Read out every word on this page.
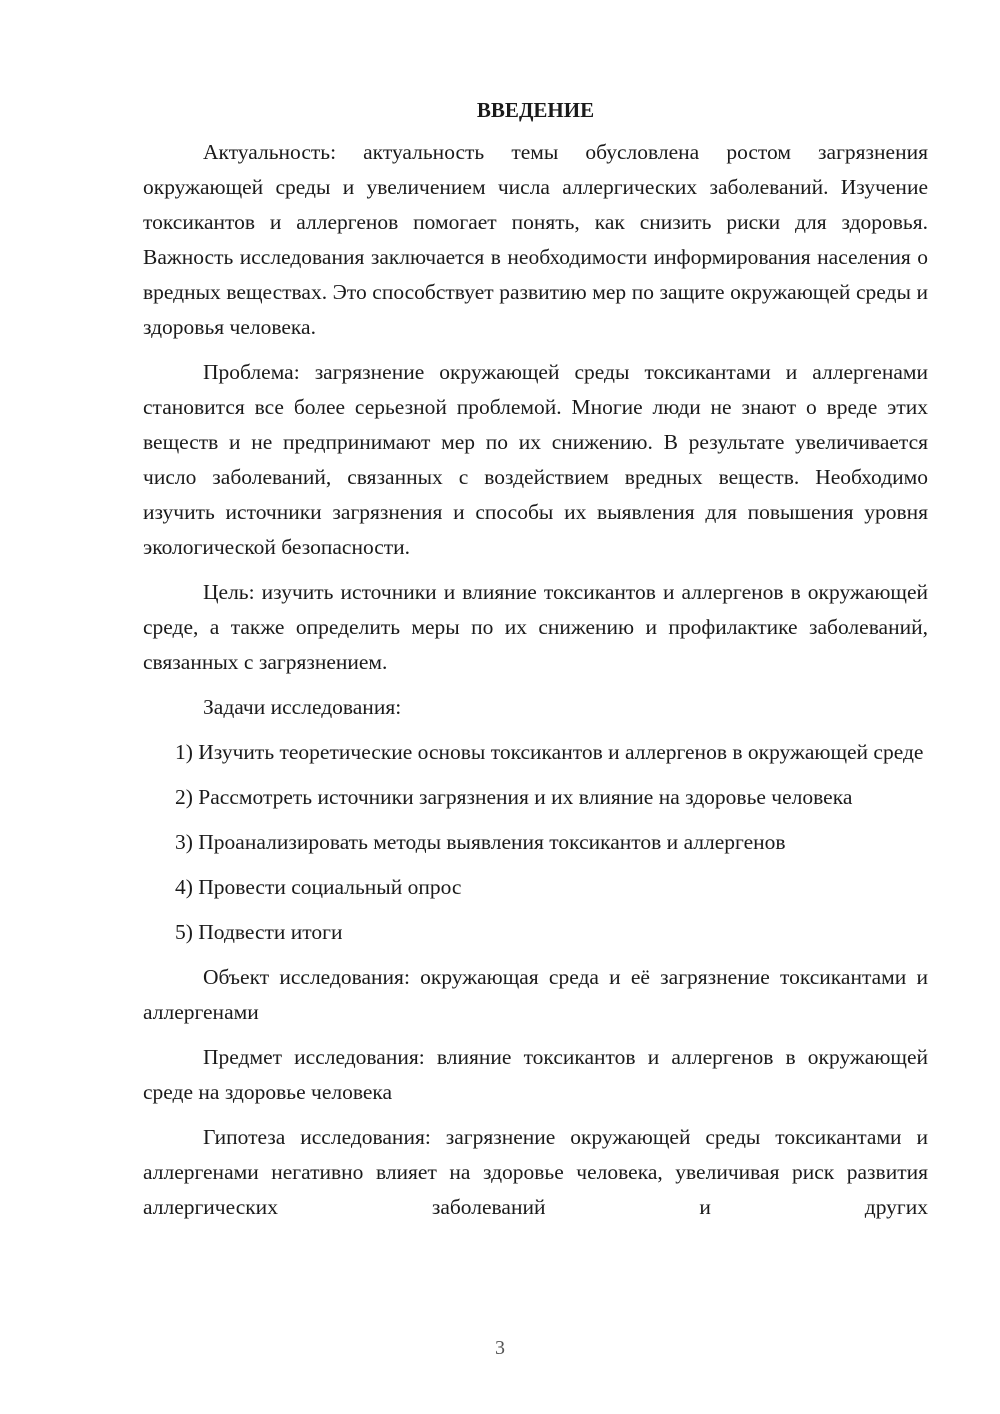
ВВЕДЕНИЕ

Актуальность: актуальность темы обусловлена ростом загрязнения окружающей среды и увеличением числа аллергических заболеваний. Изучение токсикантов и аллергенов помогает понять, как снизить риски для здоровья. Важность исследования заключается в необходимости информирования населения о вредных веществах. Это способствует развитию мер по защите окружающей среды и здоровья человека.

Проблема: загрязнение окружающей среды токсикантами и аллергенами становится все более серьезной проблемой. Многие люди не знают о вреде этих веществ и не предпринимают мер по их снижению. В результате увеличивается число заболеваний, связанных с воздействием вредных веществ. Необходимо изучить источники загрязнения и способы их выявления для повышения уровня экологической безопасности.

Цель: изучить источники и влияние токсикантов и аллергенов в окружающей среде, а также определить меры по их снижению и профилактике заболеваний, связанных с загрязнением.

Задачи исследования:

1) Изучить теоретические основы токсикантов и аллергенов в окружающей среде

2) Рассмотреть источники загрязнения и их влияние на здоровье человека

3) Проанализировать методы выявления токсикантов и аллергенов

4) Провести социальный опрос

5) Подвести итоги

Объект исследования: окружающая среда и её загрязнение токсикантами и аллергенами

Предмет исследования: влияние токсикантов и аллергенов в окружающей среде на здоровье человека

Гипотеза исследования: загрязнение окружающей среды токсикантами и аллергенами негативно влияет на здоровье человека, увеличивая риск развития аллергических заболеваний и других

3
